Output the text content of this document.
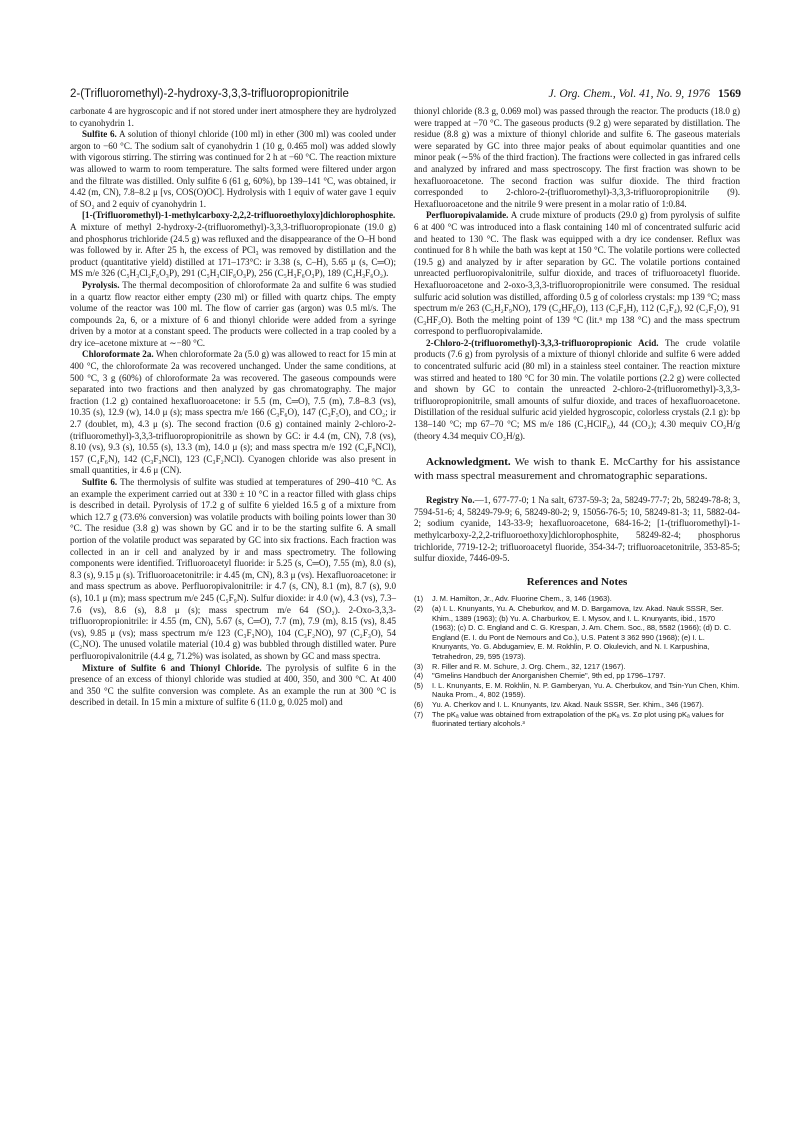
2-(Trifluoromethyl)-2-hydroxy-3,3,3-trifluoropropionitrile	J. Org. Chem., Vol. 41, No. 9, 1976 1569

carbonate 4 are hygroscopic and if not stored under inert atmosphere they are hydrolyzed to cyanohydrin 1.

Sulfite 6. A solution of thionyl chloride (100 ml) in ether (300 ml) was cooled under argon to −60 °C. The sodium salt of cyanohydrin 1 (10 g, 0.465 mol) was added slowly with vigorous stirring. The stirring was continued for 2 h at −60 °C. The reaction mixture was allowed to warm to room temperature. The salts formed were filtered under argon and the filtrate was distilled. Only sulfite 6 (61 g, 60%), bp 139–141 °C, was obtained, ir 4.42 (m, CN), 7.8–8.2 μ [vs, COS(O)OC]. Hydrolysis with 1 equiv of water gave 1 equiv of SO₂ and 2 equiv of cyanohydrin 1.

[1-(Trifluoromethyl)-1-methylcarboxy-2,2,2-trifluoroethyloxy]dichlorophosphite. A mixture of methyl 2-hydroxy-2-(trifluoromethyl)-3,3,3-trifluoropropionate (19.0 g) and phosphorus trichloride (24.5 g) was refluxed and the disappearance of the O–H bond was followed by ir. After 25 h, the excess of PCl₃ was removed by distillation and the product (quantitative yield) distilled at 171–173°C: ir 3.38 (s, C–H), 5.65 μ (s, C═O); MS m/e 326 (C₅H₃Cl₂F₆O₃P), 291 (C₅H₃ClF₆O₃P), 256 (C₅H₃F₆O₃P), 189 (C₄H₃F₆O₂).

Pyrolysis. The thermal decomposition of chloroformate 2a and sulfite 6 was studied in a quartz flow reactor either empty (230 ml) or filled with quartz chips. The empty volume of the reactor was 100 ml. The flow of carrier gas (argon) was 0.5 ml/s. The compounds 2a, 6, or a mixture of 6 and thionyl chloride were added from a syringe driven by a motor at a constant speed. The products were collected in a trap cooled by a dry ice–acetone mixture at ∼−80 °C.

Chloroformate 2a. When chloroformate 2a (5.0 g) was allowed to react for 15 min at 400 °C, the chloroformate 2a was recovered unchanged. Under the same conditions, at 500 °C, 3 g (60%) of chloroformate 2a was recovered. The gaseous compounds were separated into two fractions and then analyzed by gas chromatography. The major fraction (1.2 g) contained hexafluoroacetone: ir 5.5 (m, C═O), 7.5 (m), 7.8–8.3 (vs), 10.35 (s), 12.9 (w), 14.0 μ (s); mass spectra m/e 166 (C₃F₆O), 147 (C₃F₅O), and CO₂; ir 2.7 (doublet, m), 4.3 μ (s). The second fraction (0.6 g) contained mainly 2-chloro-2-(trifluoromethyl)-3,3,3-trifluoropropionitrile as shown by GC: ir 4.4 (m, CN), 7.8 (vs), 8.10 (vs), 9.3 (s), 10.55 (s), 13.3 (m), 14.0 μ (s); and mass spectra m/e 192 (C₄F₆NCl), 157 (C₄F₆N), 142 (C₃F₃NCl), 123 (C₃F₂NCl). Cyanogen chloride was also present in small quantities, ir 4.6 μ (CN).

Sulfite 6. The thermolysis of sulfite was studied at temperatures of 290–410 °C. As an example the experiment carried out at 330 ± 10 °C in a reactor filled with glass chips is described in detail. Pyrolysis of 17.2 g of sulfite 6 yielded 16.5 g of a mixture from which 12.7 g (73.6% conversion) was volatile products with boiling points lower than 30 °C. The residue (3.8 g) was shown by GC and ir to be the starting sulfite 6. A small portion of the volatile product was separated by GC into six fractions. Each fraction was collected in an ir cell and analyzed by ir and mass spectrometry. The following components were identified. Trifluoroacetyl fluoride: ir 5.25 (s, C═O), 7.55 (m), 8.0 (s), 8.3 (s), 9.15 μ (s). Trifluoroacetonitrile: ir 4.45 (m, CN), 8.3 μ (vs). Hexafluoroacetone: ir and mass spectrum as above. Perfluoropivalonitrile: ir 4.7 (s, CN), 8.1 (m), 8.7 (s), 9.0 (s), 10.1 μ (m); mass spectrum m/e 245 (C₅F₉N). Sulfur dioxide: ir 4.0 (w), 4.3 (vs), 7.3–7.6 (vs), 8.6 (s), 8.8 μ (s); mass spectrum m/e 64 (SO₂). 2-Oxo-3,3,3-trifluoropropionitrile: ir 4.55 (m, CN), 5.67 (s, C═O), 7.7 (m), 7.9 (m), 8.15 (vs), 8.45 (vs), 9.85 μ (vs); mass spectrum m/e 123 (C₃F₃NO), 104 (C₃F₂NO), 97 (C₂F₃O), 54 (C₂NO). The unused volatile material (10.4 g) was bubbled through distilled water. Pure perfluoropivalonitrile (4.4 g, 71.2%) was isolated, as shown by GC and mass spectra.

Mixture of Sulfite 6 and Thionyl Chloride. The pyrolysis of sulfite 6 in the presence of an excess of thionyl chloride was studied at 400, 350, and 300 °C. At 400 and 350 °C the sulfite conversion was complete. As an example the run at 300 °C is described in detail. In 15 min a mixture of sulfite 6 (11.0 g, 0.025 mol) and

thionyl chloride (8.3 g, 0.069 mol) was passed through the reactor. The products (18.0 g) were trapped at −70 °C. The gaseous products (9.2 g) were separated by distillation. The residue (8.8 g) was a mixture of thionyl chloride and sulfite 6. The gaseous materials were separated by GC into three major peaks of about equimolar quantities and one minor peak (∼5% of the third fraction). The fractions were collected in gas infrared cells and analyzed by infrared and mass spectroscopy. The first fraction was shown to be hexafluoroacetone. The second fraction was sulfur dioxide. The third fraction corresponded to 2-chloro-2-(trifluoromethyl)-3,3,3-trifluoropropionitrile (9). Hexafluoroacetone and the nitrile 9 were present in a molar ratio of 1:0.84.

Perfluoropivalamide. A crude mixture of products (29.0 g) from pyrolysis of sulfite 6 at 400 °C was introduced into a flask containing 140 ml of concentrated sulfuric acid and heated to 130 °C. The flask was equipped with a dry ice condenser. Reflux was continued for 8 h while the bath was kept at 150 °C. The volatile portions were collected (19.5 g) and analyzed by ir after separation by GC. The volatile portions contained unreacted perfluoropivalonitrile, sulfur dioxide, and traces of trifluoroacetyl fluoride. Hexafluoroacetone and 2-oxo-3,3,3-trifluoropropionitrile were consumed. The residual sulfuric acid solution was distilled, affording 0.5 g of colorless crystals: mp 139 °C; mass spectrum m/e 263 (C₅H₂F₉NO), 179 (C₄HF₆O), 113 (C₃F₄H), 112 (C₃F₄), 92 (C₂F₃O), 91 (C₃HF₂O). Both the melting point of 139 °C (lit.⁶ mp 138 °C) and the mass spectrum correspond to perfluoropivalamide.

2-Chloro-2-(trifluoromethyl)-3,3,3-trifluoropropionic Acid. The crude volatile products (7.6 g) from pyrolysis of a mixture of thionyl chloride and sulfite 6 were added to concentrated sulfuric acid (80 ml) in a stainless steel container. The reaction mixture was stirred and heated to 180 °C for 30 min. The volatile portions (2.2 g) were collected and shown by GC to contain the unreacted 2-chloro-2-(trifluoromethyl)-3,3,3-trifluoropropionitrile, small amounts of sulfur dioxide, and traces of hexafluoroacetone. Distillation of the residual sulfuric acid yielded hygroscopic, colorless crystals (2.1 g): bp 138–140 °C; mp 67–70 °C; MS m/e 186 (C₃HClF₆), 44 (CO₂); 4.30 mequiv CO₂H/g (theory 4.34 mequiv CO₂H/g).

Acknowledgment. We wish to thank E. McCarthy for his assistance with mass spectral measurement and chromatographic separations.

Registry No.—1, 677-77-0; 1 Na salt, 6737-59-3; 2a, 58249-77-7; 2b, 58249-78-8; 3, 7594-51-6; 4, 58249-79-9; 6, 58249-80-2; 9, 15056-76-5; 10, 58249-81-3; 11, 5882-04-2; sodium cyanide, 143-33-9; hexafluoroacetone, 684-16-2; [1-(trifluoromethyl)-1-methylcarboxy-2,2,2-trifluoroethoxy]dichlorophosphite, 58249-82-4; phosphorus trichloride, 7719-12-2; trifluoroacetyl fluoride, 354-34-7; trifluoroacetonitrile, 353-85-5; sulfur dioxide, 7446-09-5.

References and Notes
(1)	J. M. Hamilton, Jr., Adv. Fluorine Chem., 3, 146 (1963).
(2)	(a) I. L. Knunyants, Yu. A. Cheburkov, and M. D. Bargamova, Izv. Akad. Nauk SSSR, Ser. Khim., 1389 (1963); (b) Yu. A. Charburkov, E. I. Mysov, and I. L. Knunyants, ibid., 1570 (1963); (c) D. C. England and C. G. Krespan, J. Am. Chem. Soc., 88, 5582 (1966); (d) D. C. England (E. I. du Pont de Nemours and Co.), U.S. Patent 3 362 990 (1968); (e) I. L. Knunyants, Yo. G. Abdugamiev, E. M. Rokhlin, P. O. Okulevich, and N. I. Karpushina, Tetrahedron, 29, 595 (1973).
(3)	R. Filler and R. M. Schure, J. Org. Chem., 32, 1217 (1967).
(4)	"Gmelins Handbuch der Anorganishen Chemie", 9th ed, pp 1796–1797.
(5)	I. L. Knunyants, E. M. Rokhlin, N. P. Gamberyan, Yu. A. Cherbukov, and Tsin-Yun Chen, Khim. Nauka Prom., 4, 802 (1959).
(6)	Yu. A. Cherkov and I. L. Knunyants, Izv. Akad. Nauk SSSR, Ser. Khim., 346 (1967).
(7)	The pKₐ value was obtained from extrapolation of the pKₐ vs. Σσ plot using pKₐ values for fluorinated tertiary alcohols.³
